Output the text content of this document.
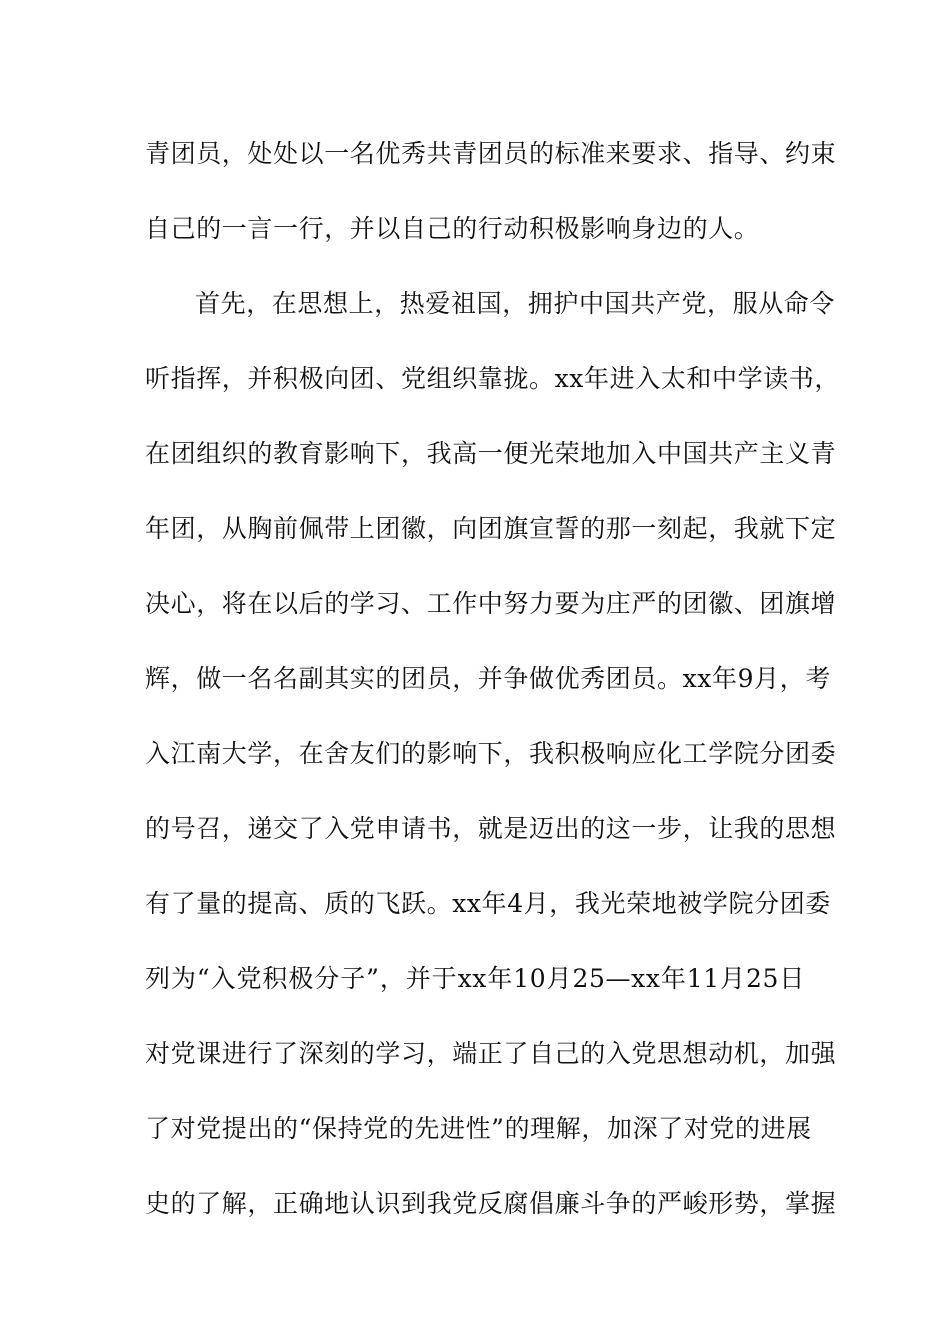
青团员，处处以一名优秀共青团员的标准来要求、指导、约束
自己的一言一行，并以自己的行动积极影响身边的人。
首先，在思想上，热爱祖国，拥护中国共产党，服从命令
听指挥，并积极向团、党组织靠拢。xx年进入太和中学读书，
在团组织的教育影响下，我高一便光荣地加入中国共产主义青
年团，从胸前佩带上团徽，向团旗宣誓的那一刻起，我就下定
决心，将在以后的学习、工作中努力要为庄严的团徽、团旗增
辉，做一名名副其实的团员，并争做优秀团员。xx年9月，考
入江南大学，在舍友们的影响下，我积极响应化工学院分团委
的号召，递交了入党申请书，就是迈出的这一步，让我的思想
有了量的提高、质的飞跃。xx年4月，我光荣地被学院分团委
列为“入党积极分子”，并于xx年10月25—xx年11月25日
对党课进行了深刻的学习，端正了自己的入党思想动机，加强
了对党提出的“保持党的先进性”的理解，加深了对党的进展
史的了解，正确地认识到我党反腐倡廉斗争的严峻形势，掌握
